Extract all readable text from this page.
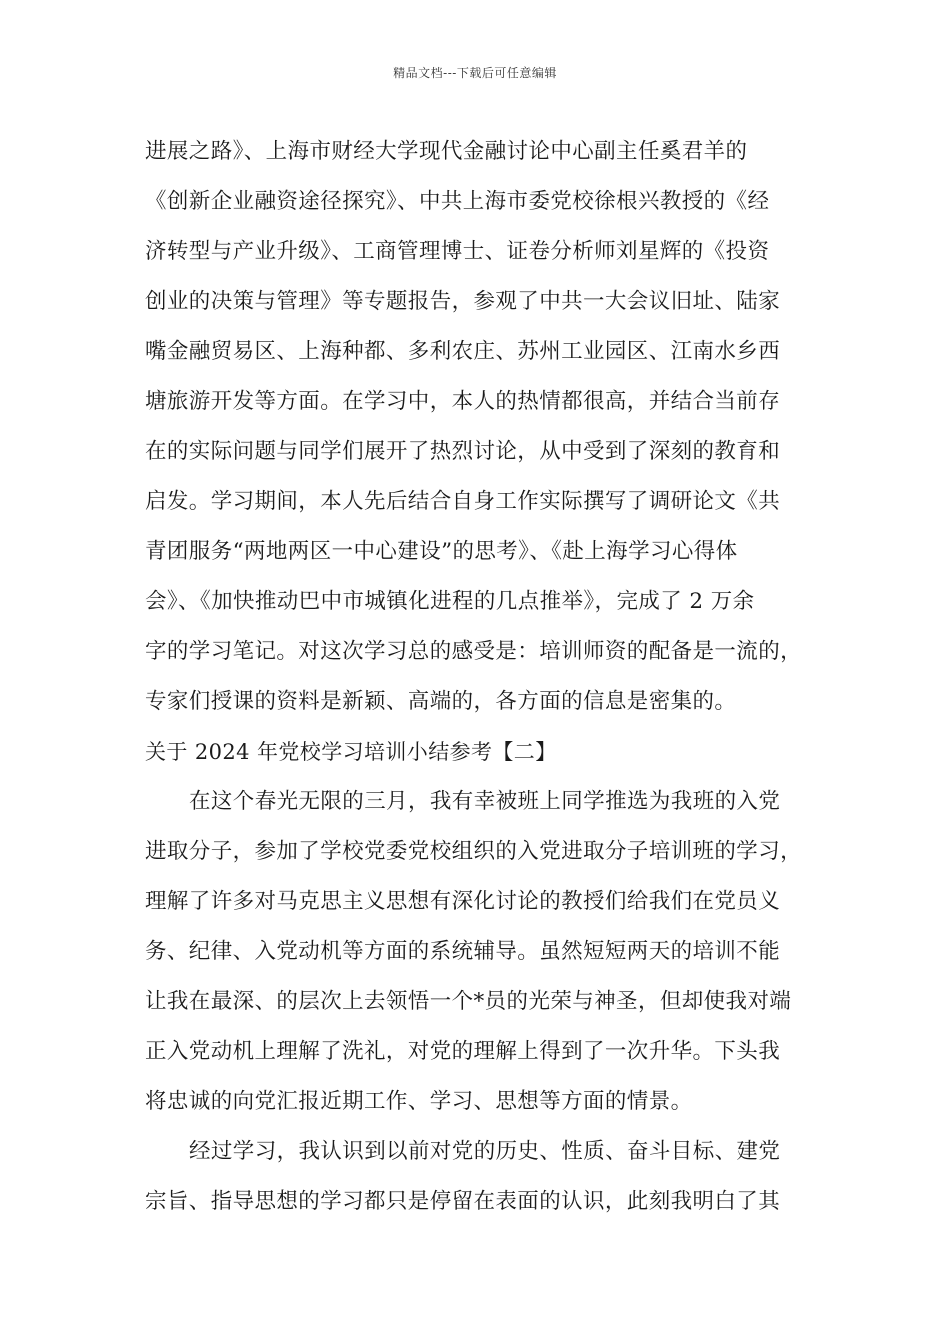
精品文档---下载后可任意编辑
进展之路》、上海市财经大学现代金融讨论中心副主任奚君羊的
《创新企业融资途径探究》、中共上海市委党校徐根兴教授的《经
济转型与产业升级》、工商管理博士、证卷分析师刘星辉的《投资
创业的决策与管理》等专题报告，参观了中共一大会议旧址、陆家
嘴金融贸易区、上海种都、多利农庄、苏州工业园区、江南水乡西
塘旅游开发等方面。在学习中，本人的热情都很高，并结合当前存
在的实际问题与同学们展开了热烈讨论，从中受到了深刻的教育和
启发。学习期间，本人先后结合自身工作实际撰写了调研论文《共
青团服务“两地两区一中心建设”的思考》、《赴上海学习心得体
会》、《加快推动巴中市城镇化进程的几点推举》，完成了 2 万余
字的学习笔记。对这次学习总的感受是：培训师资的配备是一流的，
专家们授课的资料是新颖、高端的，各方面的信息是密集的。
关于 2024 年党校学习培训小结参考【二】
在这个春光无限的三月，我有幸被班上同学推选为我班的入党
进取分子，参加了学校党委党校组织的入党进取分子培训班的学习，
理解了许多对马克思主义思想有深化讨论的教授们给我们在党员义
务、纪律、入党动机等方面的系统辅导。虽然短短两天的培训不能
让我在最深、的层次上去领悟一个*员的光荣与神圣，但却使我对端
正入党动机上理解了洗礼，对党的理解上得到了一次升华。下头我
将忠诚的向党汇报近期工作、学习、思想等方面的情景。
经过学习，我认识到以前对党的历史、性质、奋斗目标、建党
宗旨、指导思想的学习都只是停留在表面的认识，此刻我明白了其
